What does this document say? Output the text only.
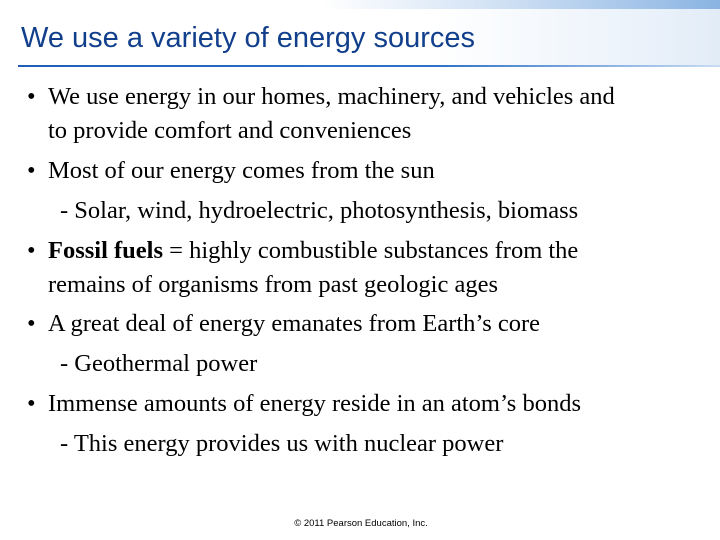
We use a variety of energy sources
• We use energy in our homes, machinery, and vehicles and
to provide comfort and conveniences
• Most of our energy comes from the sun
- Solar, wind, hydroelectric, photosynthesis, biomass
• Fossil fuels = highly combustible substances from the
remains of organisms from past geologic ages
• A great deal of energy emanates from Earth’s core
- Geothermal power
• Immense amounts of energy reside in an atom’s bonds
- This energy provides us with nuclear power
© 2011 Pearson Education, Inc.
